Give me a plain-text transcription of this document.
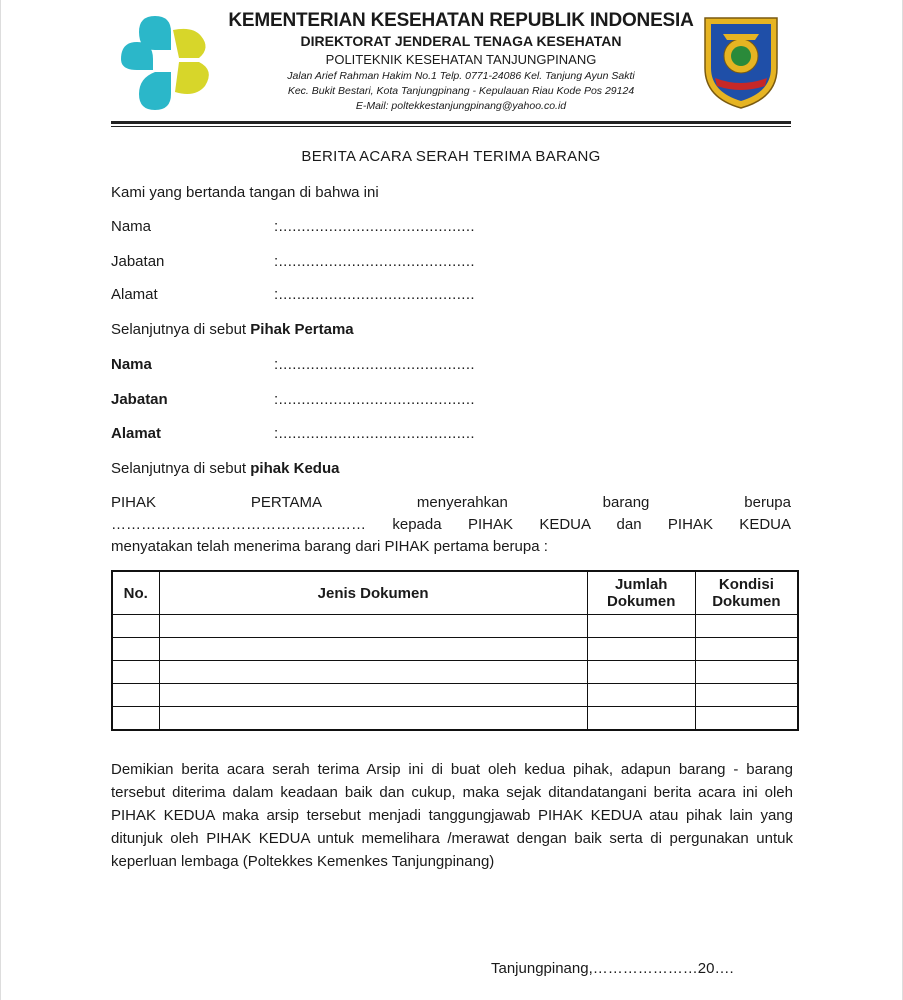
KEMENTERIAN KESEHATAN REPUBLIK INDONESIA
DIREKTORAT JENDERAL TENAGA KESEHATAN
POLITEKNIK KESEHATAN TANJUNGPINANG
Jalan Arief Rahman Hakim No.1 Telp. 0771-24086 Kel. Tanjung Ayun Sakti
Kec. Bukit Bestari, Kota Tanjungpinang - Kepulauan Riau Kode Pos 29124
E-Mail: poltekkestanjungpinang@yahoo.co.id
BERITA ACARA SERAH TERIMA BARANG
Kami yang bertanda tangan di bahwa ini
Nama	:...........................................
Jabatan	:...........................................
Alamat	:...........................................
Selanjutnya di sebut Pihak Pertama
Nama	:...........................................
Jabatan	:...........................................
Alamat	:...........................................
Selanjutnya di sebut pihak Kedua
PIHAK	PERTAMA	menyerahkan	barang	berupa
…………………………………………… kepada PIHAK KEDUA dan PIHAK KEDUA
menyatakan telah menerima barang dari PIHAK pertama berupa :
No.	Jenis Dokumen	Jumlah Dokumen	Kondisi Dokumen

Demikian berita acara serah terima Arsip ini di buat oleh kedua pihak, adapun barang - barang tersebut diterima dalam keadaan baik dan cukup, maka sejak ditandatangani berita acara ini oleh PIHAK KEDUA maka arsip tersebut menjadi tanggungjawab PIHAK KEDUA atau pihak lain yang ditunjuk oleh PIHAK KEDUA untuk memelihara /merawat dengan baik serta di pergunakan untuk keperluan lembaga (Poltekkes Kemenkes Tanjungpinang)
Tanjungpinang,…………………20….
